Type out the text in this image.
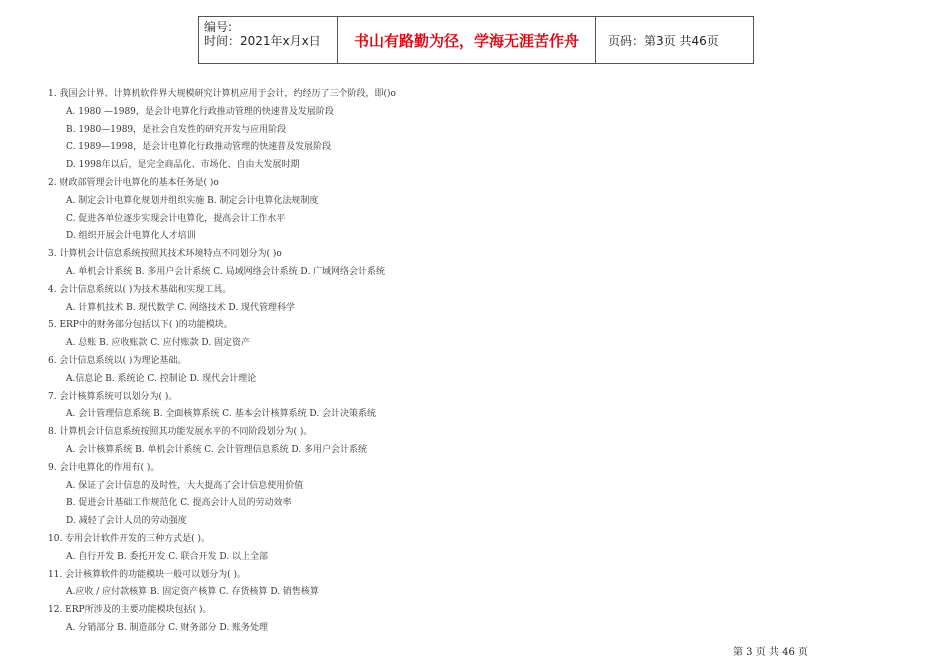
编号:
时间：2021年x月x日	书山有路勤为径，学海无涯苦作舟	页码：第3页 共46页
1. 我国会计界、计算机软件界大规模研究计算机应用于会计，约经历了三个阶段，即()o
A. 1980 —1989，是会计电算化行政推动管理的快速普及发展阶段
B. 1980—1989，是社会自发性的研究开发与应用阶段
C. 1989—1998，是会计电算化行政推动管理的快速普及发展阶段
D. 1998年以后，是完全商品化、市场化、自由大发展时期
2. 财政部管理会计电算化的基本任务是( )o
A. 制定会计电算化规划并组织实施 B. 制定会计电算化法规制度
C. 促进各单位逐步实现会计电算化，提高会计工作水平
D. 组织开展会计电算化人才培训
3. 计算机会计信息系统按照其技术环境特点不同划分为( )o
A. 单机会计系统 B. 多用户会计系统 C. 局域网络会计系统 D. 广域网络会计系统
4. 会计信息系统以( )为技术基础和实现工具。
A. 计算机技术 B. 现代数学 C. 网络技术 D. 现代管理科学
5. ERP中的财务部分包括以下( )的功能模块。
A. 总账 B. 应收账款 C. 应付账款 D. 固定资产
6. 会计信息系统以( )为理论基础。
A.信息论 B. 系统论 C. 控制论 D. 现代会计理论
7. 会计核算系统可以划分为( )。
A. 会计管理信息系统 B. 全面核算系统 C. 基本会计核算系统 D. 会计决策系统
8. 计算机会计信息系统按照其功能发展水平的不同阶段划分为( )。
A. 会计核算系统 B. 单机会计系统 C. 会计管理信息系统 D. 多用户会计系统
9. 会计电算化的作用有( )。
A. 保证了会计信息的及时性，大大提高了会计信息使用价值
B. 促进会计基础工作规范化 C. 提高会计人员的劳动效率
D. 减轻了会计人员的劳动强度
10. 专用会计软件开发的三种方式是( )。
A. 自行开发 B. 委托开发 C. 联合开发 D. 以上全部
11. 会计核算软件的功能模块一般可以划分为( )。
A.应收 / 应付款核算 B. 固定资产核算 C. 存货核算 D. 销售核算
12. ERP所涉及的主要功能模块包括( )。
A. 分销部分 B. 制造部分 C. 财务部分 D. 账务处理
第 3 页 共 46 页
